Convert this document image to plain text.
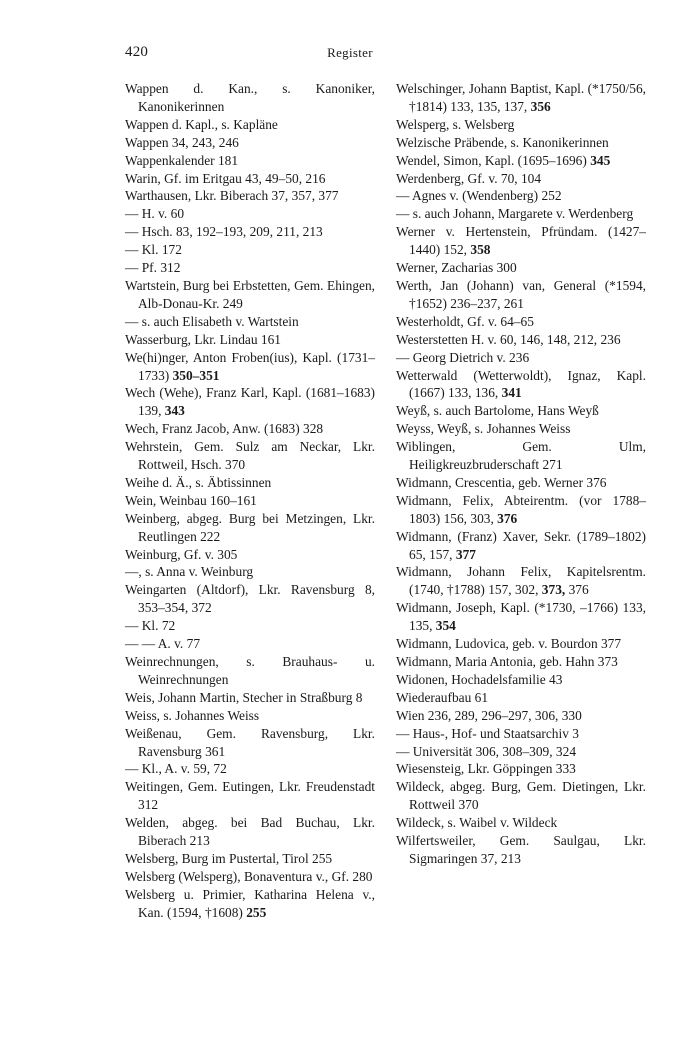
420	Register
Wappen d. Kan., s. Kanoniker, Kanonikerinnen
Wappen d. Kapl., s. Kapläne
Wappen 34, 243, 246
Wappenkalender 181
Warin, Gf. im Eritgau 43, 49–50, 216
Warthausen, Lkr. Biberach 37, 357, 377
— H. v. 60
— Hsch. 83, 192–193, 209, 211, 213
— Kl. 172
— Pf. 312
Wartstein, Burg bei Erbstetten, Gem. Ehingen, Alb-Donau-Kr. 249
— s. auch Elisabeth v. Wartstein
Wasserburg, Lkr. Lindau 161
We(hi)nger, Anton Froben(ius), Kapl. (1731–1733) 350–351
Wech (Wehe), Franz Karl, Kapl. (1681–1683) 139, 343
Wech, Franz Jacob, Anw. (1683) 328
Wehrstein, Gem. Sulz am Neckar, Lkr. Rottweil, Hsch. 370
Weihe d. Ä., s. Äbtissinnen
Wein, Weinbau 160–161
Weinberg, abgeg. Burg bei Metzingen, Lkr. Reutlingen 222
Weinburg, Gf. v. 305
—, s. Anna v. Weinburg
Weingarten (Altdorf), Lkr. Ravensburg 8, 353–354, 372
— Kl. 72
— — A. v. 77
Weinrechnungen, s. Brauhaus- u. Weinrechnungen
Weis, Johann Martin, Stecher in Straßburg 8
Weiss, s. Johannes Weiss
Weißenau, Gem. Ravensburg, Lkr. Ravensburg 361
— Kl., A. v. 59, 72
Weitingen, Gem. Eutingen, Lkr. Freudenstadt 312
Welden, abgeg. bei Bad Buchau, Lkr. Biberach 213
Welsberg, Burg im Pustertal, Tirol 255
Welsberg (Welsperg), Bonaventura v., Gf. 280
Welsberg u. Primier, Katharina Helena v., Kan. (1594, †1608) 255
Welschinger, Johann Baptist, Kapl. (*1750/56, †1814) 133, 135, 137, 356
Welsperg, s. Welsberg
Welzische Präbende, s. Kanonikerinnen
Wendel, Simon, Kapl. (1695–1696) 345
Werdenberg, Gf. v. 70, 104
— Agnes v. (Wendenberg) 252
— s. auch Johann, Margarete v. Werdenberg
Werner v. Hertenstein, Pfründam. (1427–1440) 152, 358
Werner, Zacharias 300
Werth, Jan (Johann) van, General (*1594, †1652) 236–237, 261
Westerholdt, Gf. v. 64–65
Westerstetten H. v. 60, 146, 148, 212, 236
— Georg Dietrich v. 236
Wetterwald (Wetterwoldt), Ignaz, Kapl. (1667) 133, 136, 341
Weyß, s. auch Bartolome, Hans Weyß
Weyss, Weyß, s. Johannes Weiss
Wiblingen, Gem. Ulm, Heiligkreuzbruderschaft 271
Widmann, Crescentia, geb. Werner 376
Widmann, Felix, Abteirentm. (vor 1788–1803) 156, 303, 376
Widmann, (Franz) Xaver, Sekr. (1789–1802) 65, 157, 377
Widmann, Johann Felix, Kapitelsrentm. (1740, †1788) 157, 302, 373, 376
Widmann, Joseph, Kapl. (*1730, –1766) 133, 135, 354
Widmann, Ludovica, geb. v. Bourdon 377
Widmann, Maria Antonia, geb. Hahn 373
Widonen, Hochadelsfamilie 43
Wiederaufbau 61
Wien 236, 289, 296–297, 306, 330
— Haus-, Hof- und Staatsarchiv 3
— Universität 306, 308–309, 324
Wiesensteig, Lkr. Göppingen 333
Wildeck, abgeg. Burg, Gem. Dietingen, Lkr. Rottweil 370
Wildeck, s. Waibel v. Wildeck
Wilfertsweiler, Gem. Saulgau, Lkr. Sigmaringen 37, 213
